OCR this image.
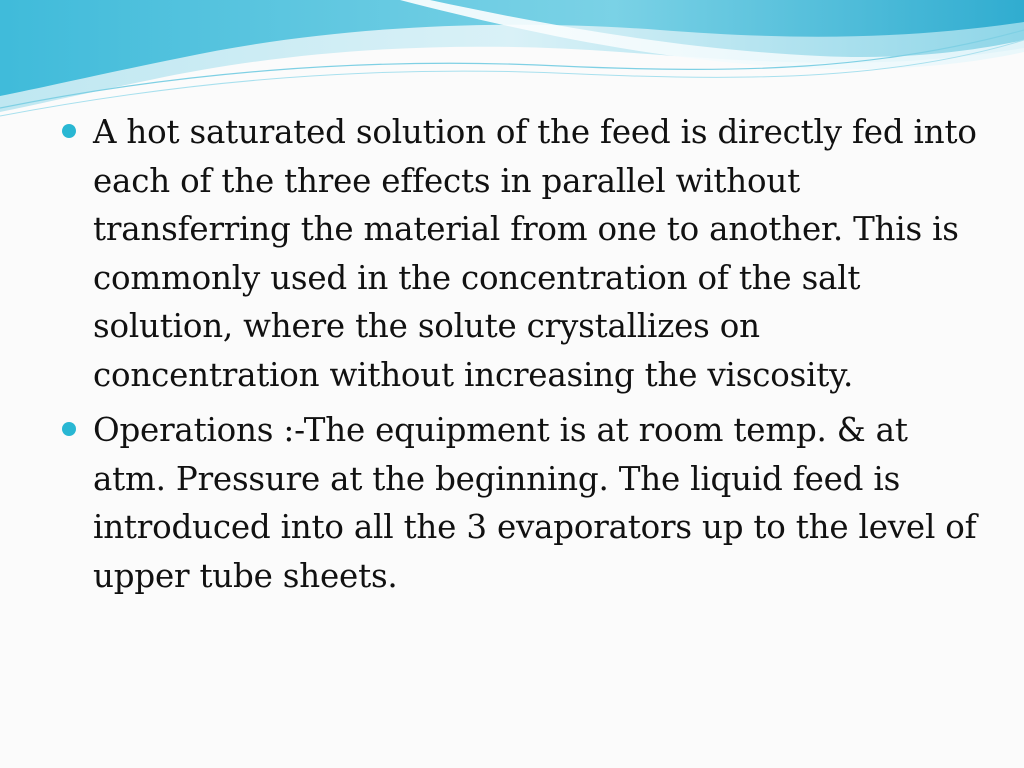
A hot saturated solution of the feed is directly fed into each of the three effects in parallel without transferring the material from one to another. This is commonly used in the concentration of the salt solution, where the solute crystallizes on concentration without increasing the viscosity.
Operations :-The equipment is at room temp. & at atm. Pressure at the beginning. The liquid feed is introduced into all the 3 evaporators up to the level of upper tube sheets.
